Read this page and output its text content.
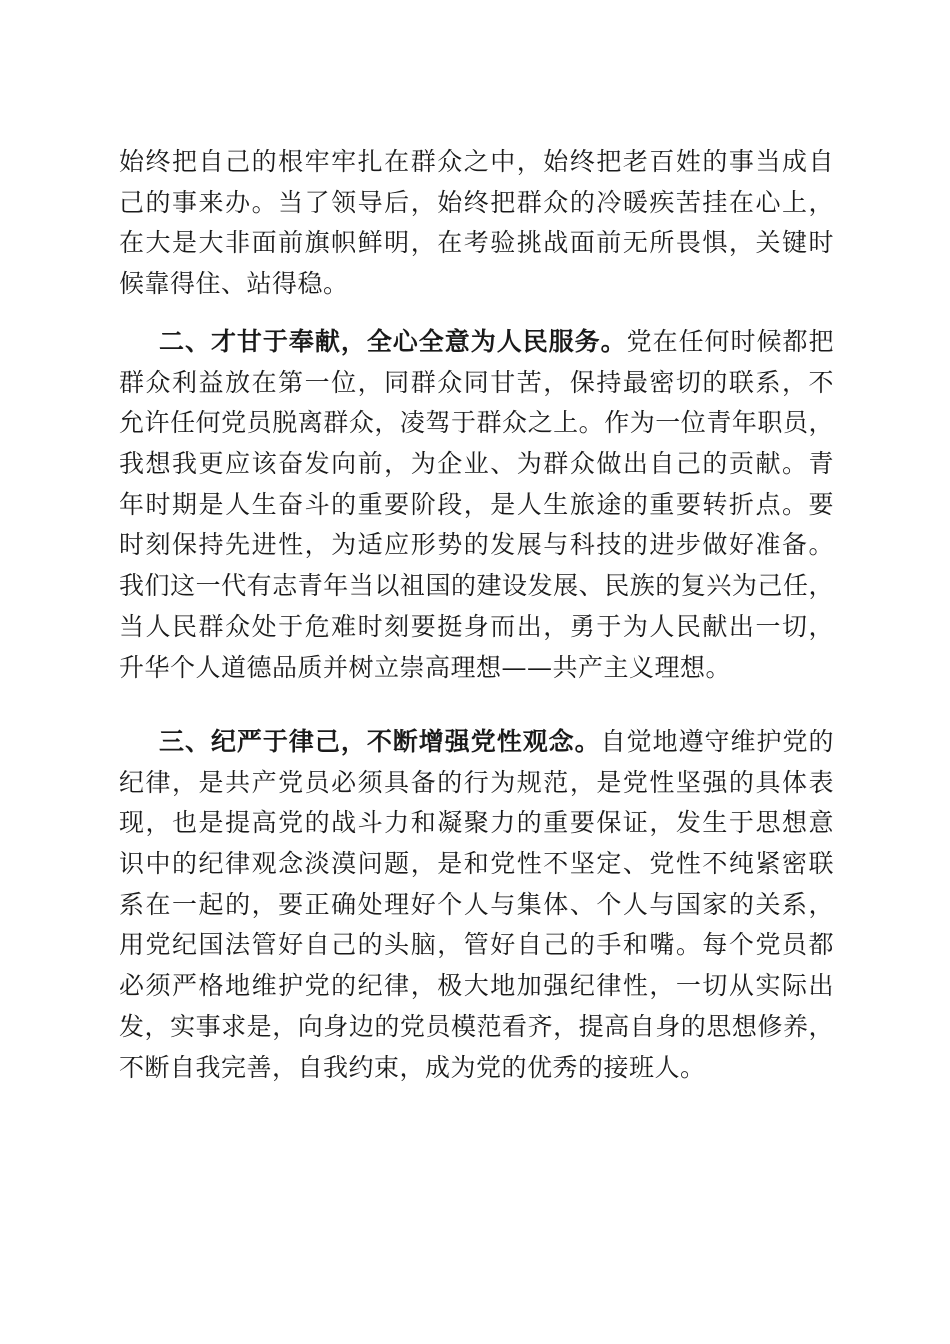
始终把自己的根牢牢扎在群众之中，始终把老百姓的事当成自
己的事来办。当了领导后，始终把群众的冷暖疾苦挂在心上，
在大是大非面前旗帜鲜明，在考验挑战面前无所畏惧，关键时
候靠得住、站得稳。
二、才甘于奉献，全心全意为人民服务。党在任何时候都把
群众利益放在第一位，同群众同甘苦，保持最密切的联系，不
允许任何党员脱离群众，凌驾于群众之上。作为一位青年职员，
我想我更应该奋发向前，为企业、为群众做出自己的贡献。青
年时期是人生奋斗的重要阶段，是人生旅途的重要转折点。要
时刻保持先进性，为适应形势的发展与科技的进步做好准备。
我们这一代有志青年当以祖国的建设发展、民族的复兴为己任，
当人民群众处于危难时刻要挺身而出，勇于为人民献出一切，
升华个人道德品质并树立崇高理想——共产主义理想。
三、纪严于律己，不断增强党性观念。自觉地遵守维护党的
纪律，是共产党员必须具备的行为规范，是党性坚强的具体表
现，也是提高党的战斗力和凝聚力的重要保证，发生于思想意
识中的纪律观念淡漠问题，是和党性不坚定、党性不纯紧密联
系在一起的，要正确处理好个人与集体、个人与国家的关系，
用党纪国法管好自己的头脑，管好自己的手和嘴。每个党员都
必须严格地维护党的纪律，极大地加强纪律性，一切从实际出
发，实事求是，向身边的党员模范看齐，提高自身的思想修养，
不断自我完善，自我约束，成为党的优秀的接班人。
